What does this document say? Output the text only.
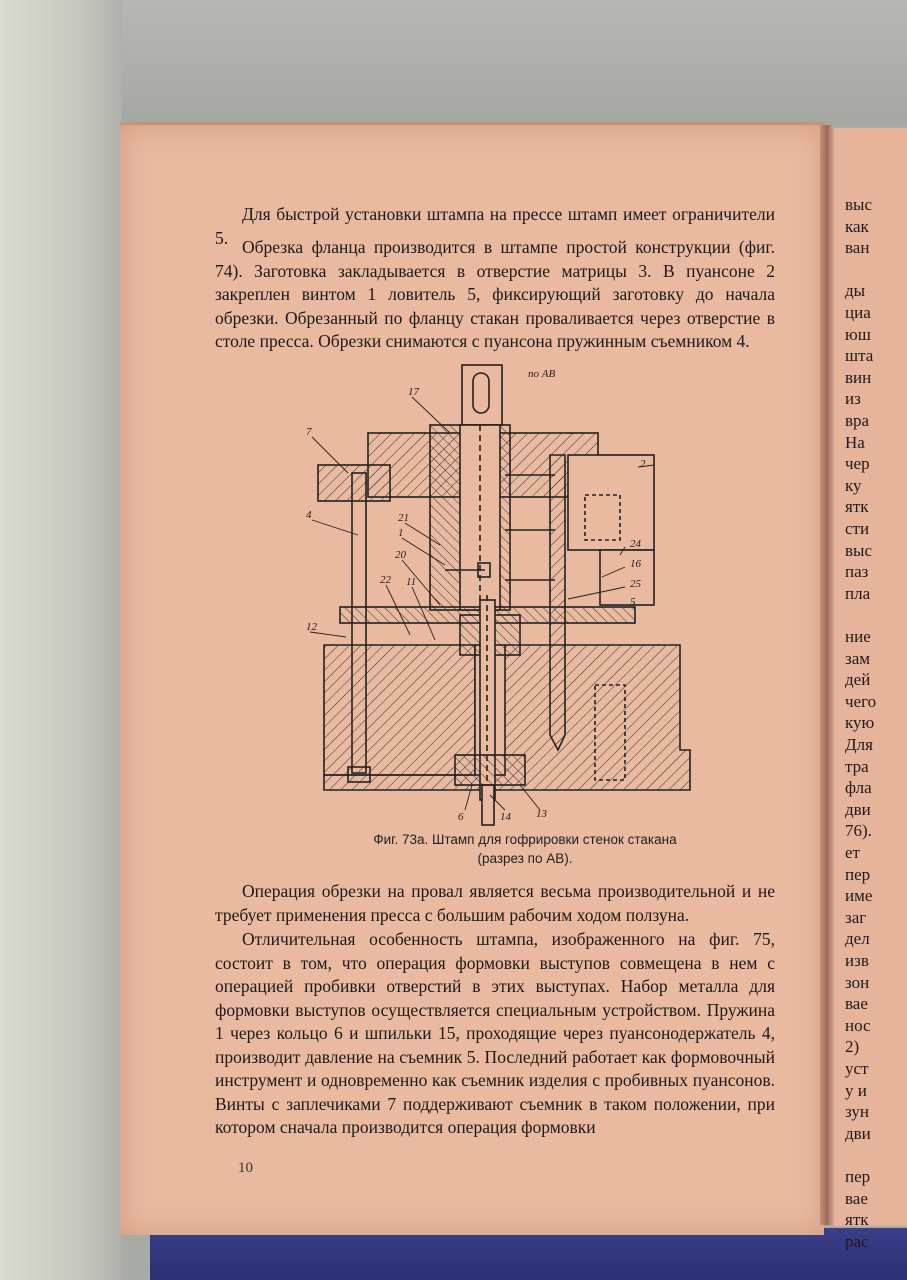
выс
как
ван
ды
циа
юш
шта
вин
из
вра
На
чер
ку
ятк
сти
выс
паз
пла
ние
зам
дей
чего
кую
Для
тра
фла
дви
76).
ет
пер
име
заг
дел
изв
зон
вае
нос
2)
уст
у и
зун
дви
пер
вае
ятк
рас
Для быстрой установки штампа на прессе штамп имеет ограничители 5. Обрезка фланца производится в штампе простой конструкции (фиг. 74). Заготовка закладывается в отверстие матрицы 3. В пуансоне 2 закреплен винтом 1 ловитель 5, фиксирующий заготовку до начала обрезки. Обрезанный по фланцу стакан проваливается через отверстие в столе пресса. Обрезки снимаются с пуансона пружинным съемником 4.
по АВ
17
7
2
4	21
1
24
16
20
25
22 11
5
12
6	14 13
Фиг. 73а. Штамп для гофрировки стенок стакана
(разрез по АВ).
Операция обрезки на провал является весьма производительной и не требует применения пресса с большим рабочим ходом ползуна.
Отличительная особенность штампа, изображенного на фиг. 75, состоит в том, что операция формовки выступов совмещена в нем с операцией пробивки отверстий в этих выступах. Набор металла для формовки выступов осуществляется специальным устройством. Пружина 1 через кольцо 6 и шпильки 15, проходящие через пуансонодержатель 4, производит давление на съемник 5. Последний работает как формовочный инструмент и одновременно как съемник изделия с пробивных пуансонов. Винты с заплечиками 7 поддерживают съемник в таком положении, при котором сначала производится операция формовки
10
